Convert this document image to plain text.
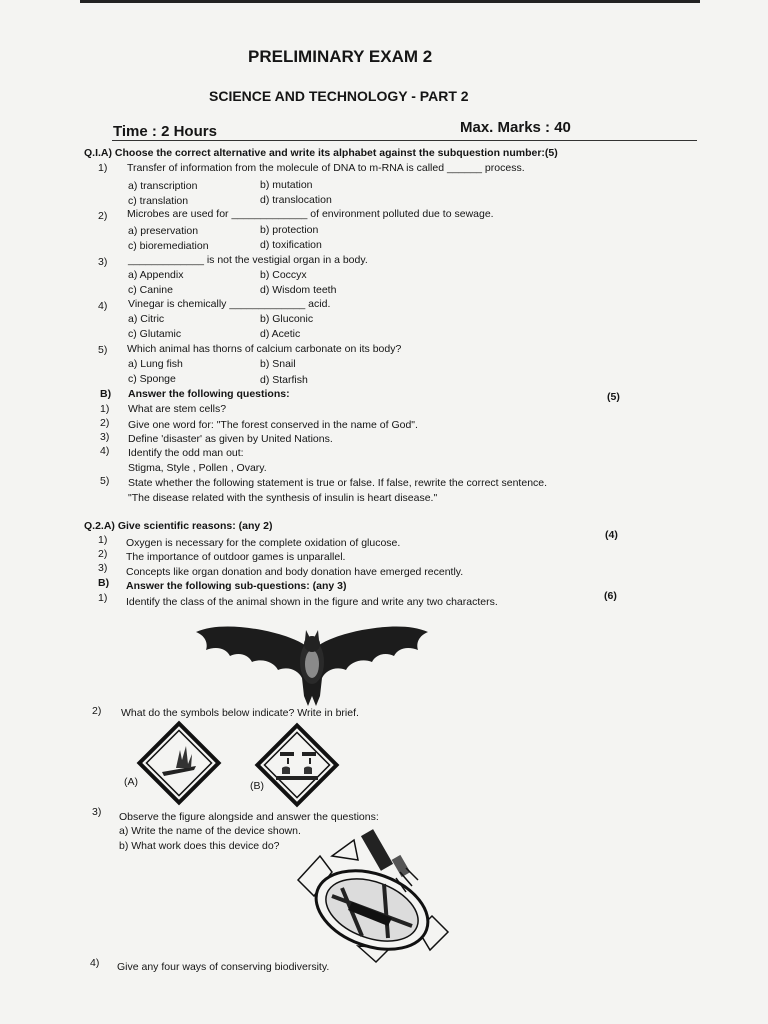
PRELIMINARY EXAM 2
SCIENCE AND TECHNOLOGY - PART 2
Time : 2 Hours	Max. Marks : 40
Q.I.A) Choose the correct alternative and write its alphabet against the subquestion number:(5)
1) Transfer of information from the molecule of DNA to m-RNA is called ______ process.
a) transcription	b) mutation
c) translation	d) translocation
2) Microbes are used for _____________ of environment polluted due to sewage.
a) preservation	b) protection
c) bioremediation	d) toxification
3) _____________ is not the vestigial organ in a body.
a) Appendix	b) Coccyx
c) Canine	d) Wisdom teeth
4) Vinegar is chemically _____________ acid.
a) Citric	b) Gluconic
c) Glutamic	d) Acetic
5) Which animal has thorns of calcium carbonate on its body?
a) Lung fish	b) Snail
c) Sponge	d) Starfish
B) Answer the following questions:	(5)
1) What are stem cells?
2) Give one word for: "The forest conserved in the name of God".
3) Define 'disaster' as given by United Nations.
4) Identify the odd man out:
Stigma, Style , Pollen , Ovary.
5) State whether the following statement is true or false. If false, rewrite the correct sentence.
"The disease related with the synthesis of insulin is heart disease."
Q.2.A) Give scientific reasons: (any 2)
(4)
1) Oxygen is necessary for the complete oxidation of glucose.
2) The importance of outdoor games is unparallel.
3) Concepts like organ donation and body donation have emerged recently.
B) Answer the following sub-questions: (any 3)
(6)
1) Identify the class of the animal shown in the figure and write any two characters.
2) What do the symbols below indicate? Write in brief.
(A)	(B)
3) Observe the figure alongside and answer the questions:
a) Write the name of the device shown.
b) What work does this device do?
4) Give any four ways of conserving biodiversity.
